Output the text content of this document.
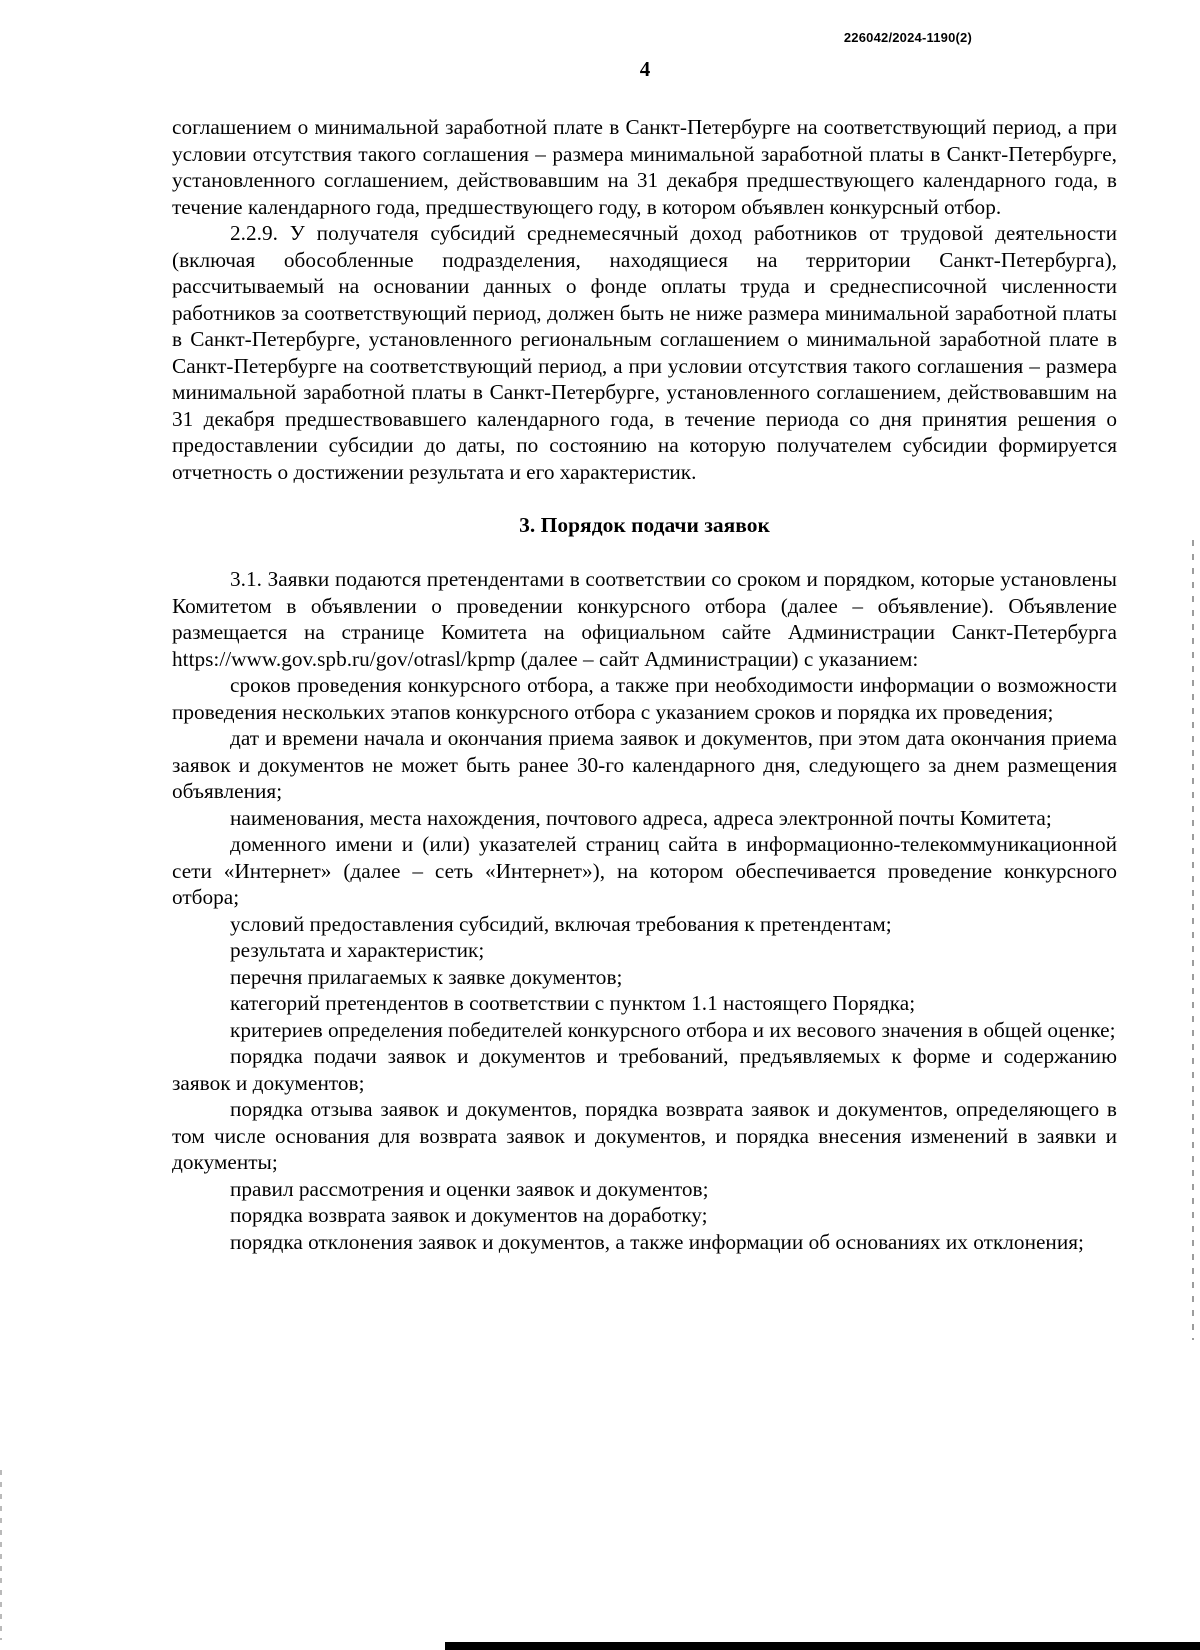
226042/2024-1190(2)
4

соглашением о минимальной заработной плате в Санкт-Петербурге на соответствующий период, а при условии отсутствия такого соглашения – размера минимальной заработной платы в Санкт-Петербурге, установленного соглашением, действовавшим на 31 декабря предшествующего календарного года, в течение календарного года, предшествующего году, в котором объявлен конкурсный отбор.

2.2.9. У получателя субсидий среднемесячный доход работников от трудовой деятельности (включая обособленные подразделения, находящиеся на территории Санкт-Петербурга), рассчитываемый на основании данных о фонде оплаты труда и среднесписочной численности работников за соответствующий период, должен быть не ниже размера минимальной заработной платы в Санкт-Петербурге, установленного региональным соглашением о минимальной заработной плате в Санкт-Петербурге на соответствующий период, а при условии отсутствия такого соглашения – размера минимальной заработной платы в Санкт-Петербурге, установленного соглашением, действовавшим на 31 декабря предшествовавшего календарного года, в течение периода со дня принятия решения о предоставлении субсидии до даты, по состоянию на которую получателем субсидии формируется отчетность о достижении результата и его характеристик.

3. Порядок подачи заявок

3.1. Заявки подаются претендентами в соответствии со сроком и порядком, которые установлены Комитетом в объявлении о проведении конкурсного отбора (далее – объявление). Объявление размещается на странице Комитета на официальном сайте Администрации Санкт-Петербурга https://www.gov.spb.ru/gov/otrasl/kpmp (далее – сайт Администрации) с указанием:

сроков проведения конкурсного отбора, а также при необходимости информации о возможности проведения нескольких этапов конкурсного отбора с указанием сроков и порядка их проведения;

дат и времени начала и окончания приема заявок и документов, при этом дата окончания приема заявок и документов не может быть ранее 30-го календарного дня, следующего за днем размещения объявления;

наименования, места нахождения, почтового адреса, адреса электронной почты Комитета;

доменного имени и (или) указателей страниц сайта в информационно-телекоммуникационной сети «Интернет» (далее – сеть «Интернет»), на котором обеспечивается проведение конкурсного отбора;

условий предоставления субсидий, включая требования к претендентам;

результата и характеристик;

перечня прилагаемых к заявке документов;

категорий претендентов в соответствии с пунктом 1.1 настоящего Порядка;

критериев определения победителей конкурсного отбора и их весового значения в общей оценке;

порядка подачи заявок и документов и требований, предъявляемых к форме и содержанию заявок и документов;

порядка отзыва заявок и документов, порядка возврата заявок и документов, определяющего в том числе основания для возврата заявок и документов, и порядка внесения изменений в заявки и документы;

правил рассмотрения и оценки заявок и документов;

порядка возврата заявок и документов на доработку;

порядка отклонения заявок и документов, а также информации об основаниях их отклонения;
